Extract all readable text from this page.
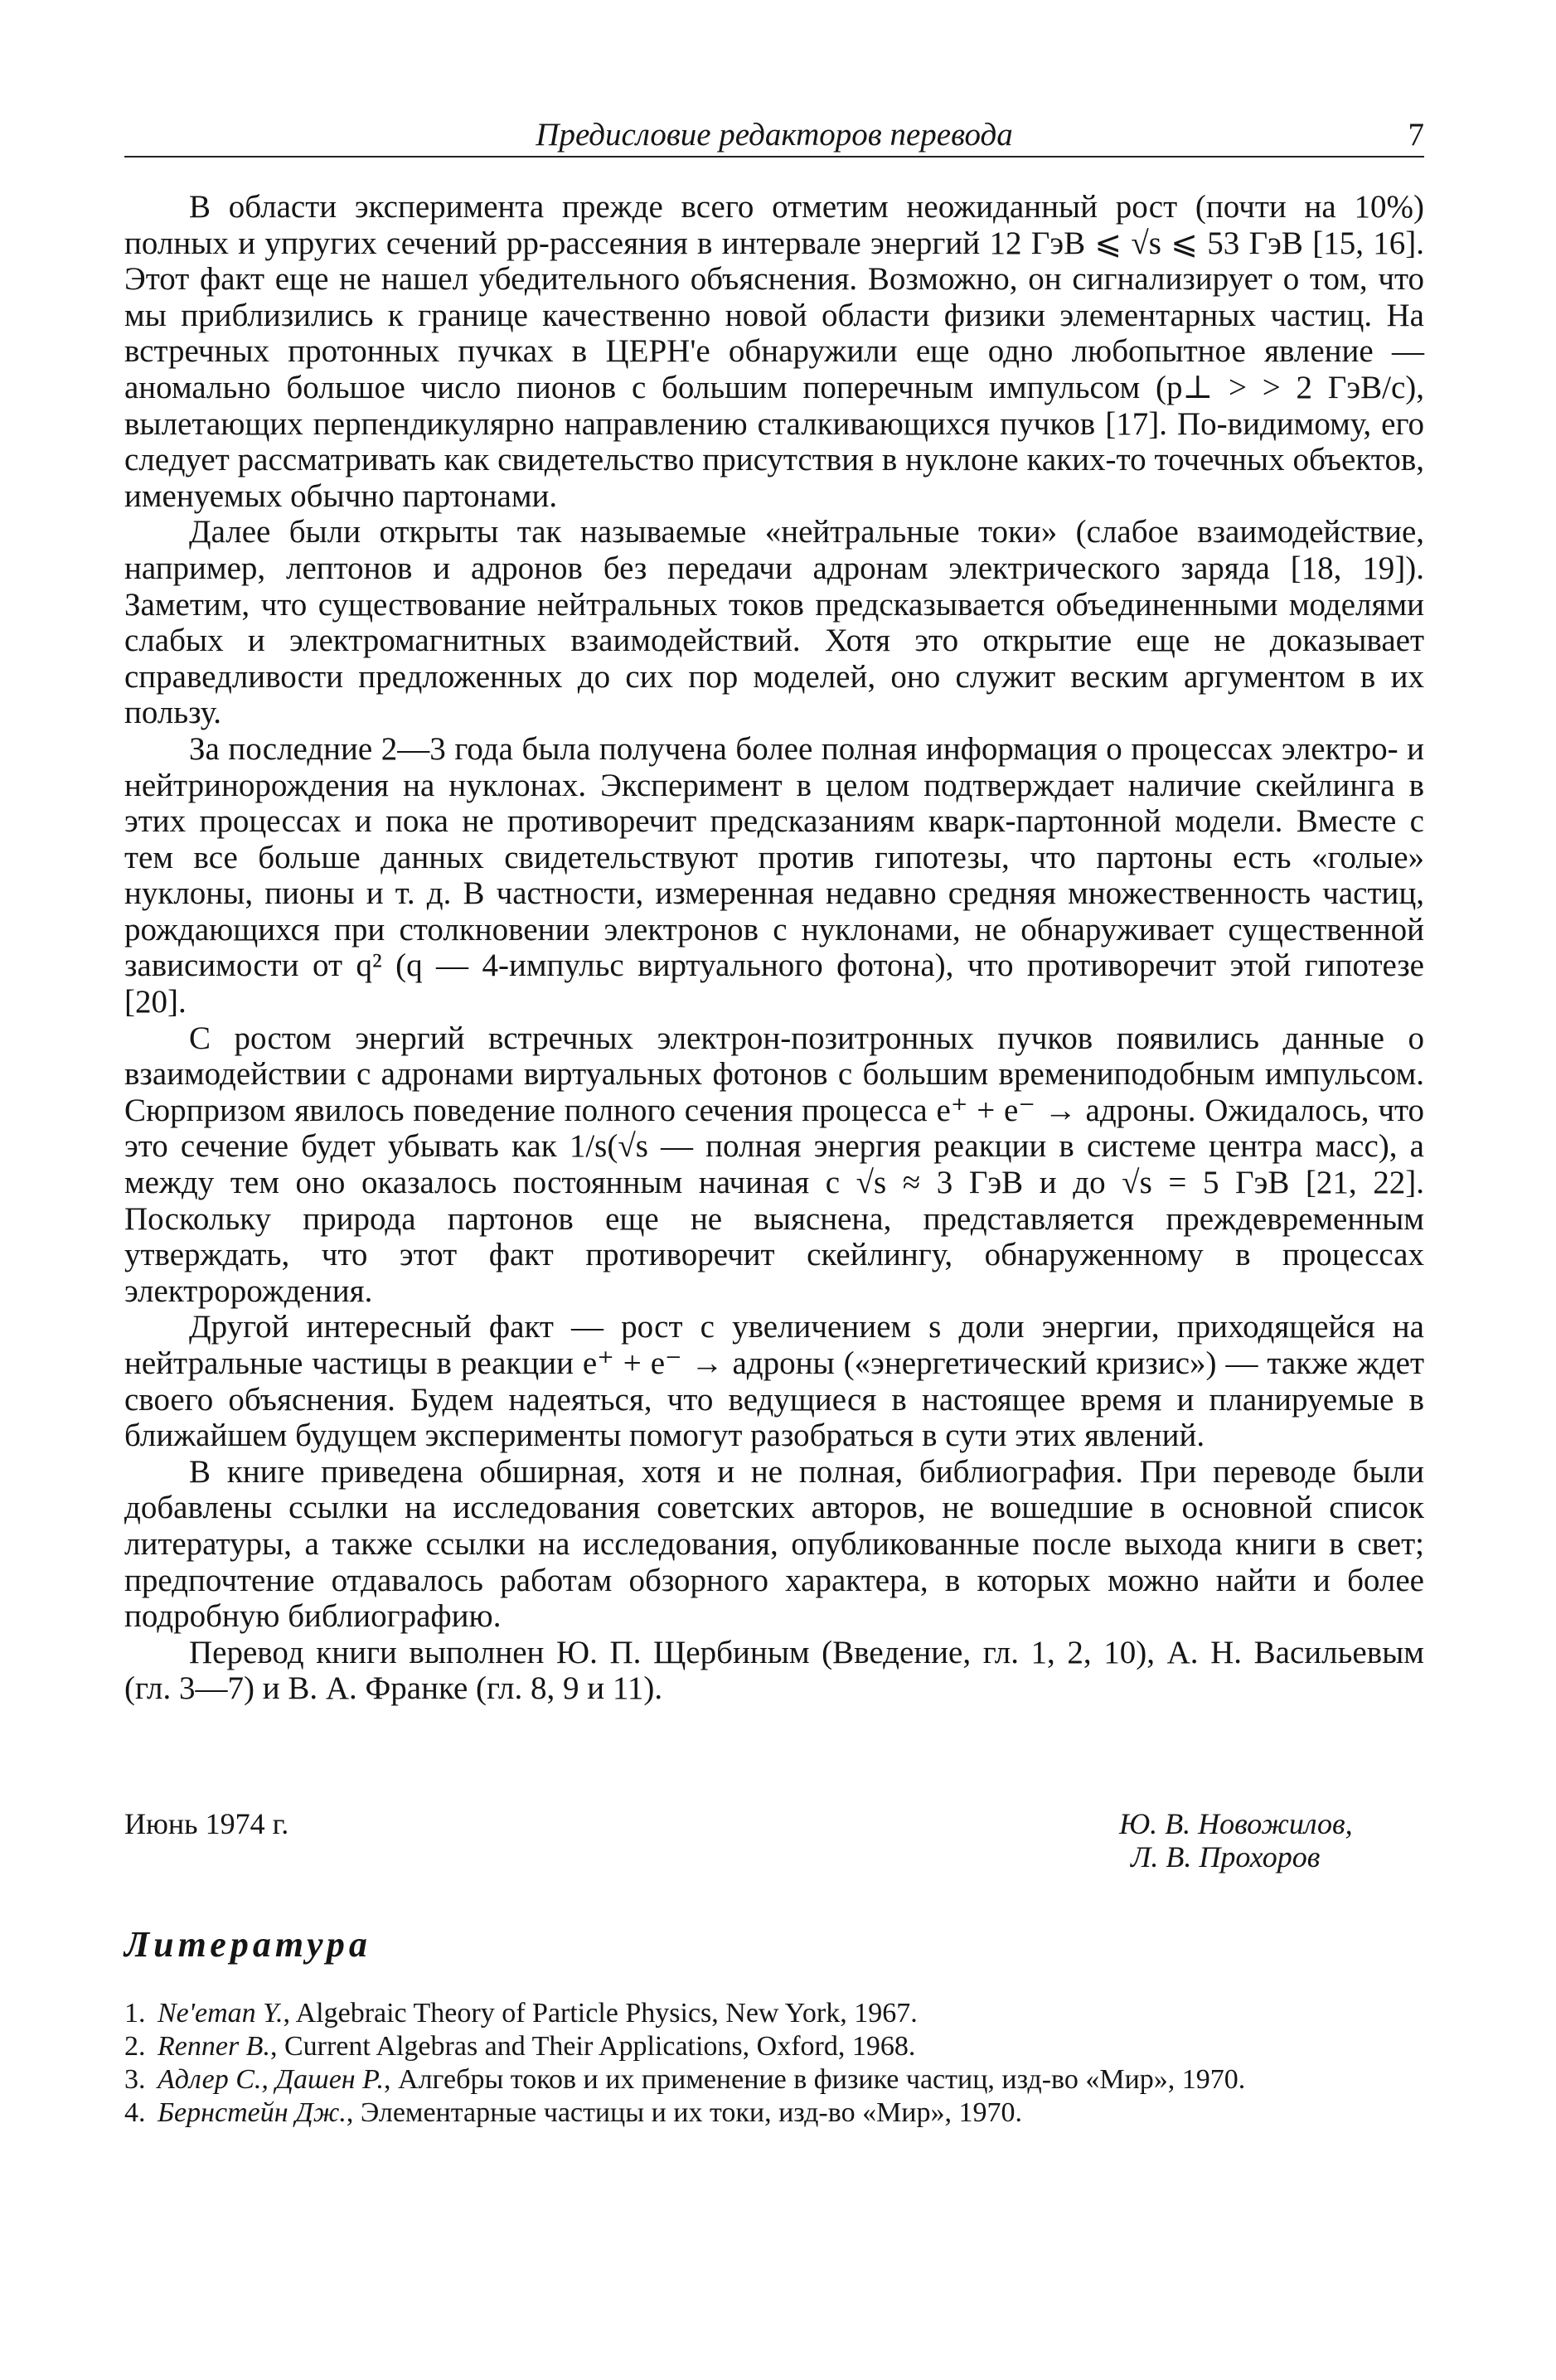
Предисловие редакторов перевода	7

В области эксперимента прежде всего отметим неожиданный рост (почти на 10%) полных и упругих сечений pp-рассеяния в интервале энергий 12 ГэВ ⩽ √s ⩽ 53 ГэВ [15, 16]. Этот факт еще не нашел убедительного объяснения. Возможно, он сигнализирует о том, что мы приблизились к границе качественно новой области физики элементарных частиц. На встречных протонных пучках в ЦЕРН'е обнаружили еще одно любопытное явление — аномально большое число пионов с большим поперечным импульсом (p⊥ > > 2 ГэВ/c), вылетающих перпендикулярно направлению сталкивающихся пучков [17]. По-видимому, его следует рассматривать как свидетельство присутствия в нуклоне каких-то точечных объектов, именуемых обычно партонами.

Далее были открыты так называемые «нейтральные токи» (слабое взаимодействие, например, лептонов и адронов без передачи адронам электрического заряда [18, 19]). Заметим, что существование нейтральных токов предсказывается объединенными моделями слабых и электромагнитных взаимодействий. Хотя это открытие еще не доказывает справедливости предложенных до сих пор моделей, оно служит веским аргументом в их пользу.

За последние 2—3 года была получена более полная информация о процессах электро- и нейтринорождения на нуклонах. Эксперимент в целом подтверждает наличие скейлинга в этих процессах и пока не противоречит предсказаниям кварк-партонной модели. Вместе с тем все больше данных свидетельствуют против гипотезы, что партоны есть «голые» нуклоны, пионы и т. д. В частности, измеренная недавно средняя множественность частиц, рождающихся при столкновении электронов с нуклонами, не обнаруживает существенной зависимости от q² (q — 4-импульс виртуального фотона), что противоречит этой гипотезе [20].

С ростом энергий встречных электрон-позитронных пучков появились данные о взаимодействии с адронами виртуальных фотонов с большим времениподобным импульсом. Сюрпризом явилось поведение полного сечения процесса e⁺ + e⁻ → адроны. Ожидалось, что это сечение будет убывать как 1/s(√s — полная энергия реакции в системе центра масс), а между тем оно оказалось постоянным начиная с √s ≈ 3 ГэВ и до √s = 5 ГэВ [21, 22]. Поскольку природа партонов еще не выяснена, представляется преждевременным утверждать, что этот факт противоречит скейлингу, обнаруженному в процессах электророждения.

Другой интересный факт — рост с увеличением s доли энергии, приходящейся на нейтральные частицы в реакции e⁺ + e⁻ → адроны («энергетический кризис») — также ждет своего объяснения. Будем надеяться, что ведущиеся в настоящее время и планируемые в ближайшем будущем эксперименты помогут разобраться в сути этих явлений.

В книге приведена обширная, хотя и не полная, библиография. При переводе были добавлены ссылки на исследования советских авторов, не вошедшие в основной список литературы, а также ссылки на исследования, опубликованные после выхода книги в свет; предпочтение отдавалось работам обзорного характера, в которых можно найти и более подробную библиографию.

Перевод книги выполнен Ю. П. Щербиным (Введение, гл. 1, 2, 10), А. Н. Васильевым (гл. 3—7) и В. А. Франке (гл. 8, 9 и 11).

Июнь 1974 г.	Ю. В. Новожилов,
Л. В. Прохоров
Литература
1. Ne'eman Y., Algebraic Theory of Particle Physics, New York, 1967.
2. Renner B., Current Algebras and Their Applications, Oxford, 1968.
3. Адлер С., Дашен Р., Алгебры токов и их применение в физике частиц, изд-во «Мир», 1970.
4. Бернстейн Дж., Элементарные частицы и их токи, изд-во «Мир», 1970.
